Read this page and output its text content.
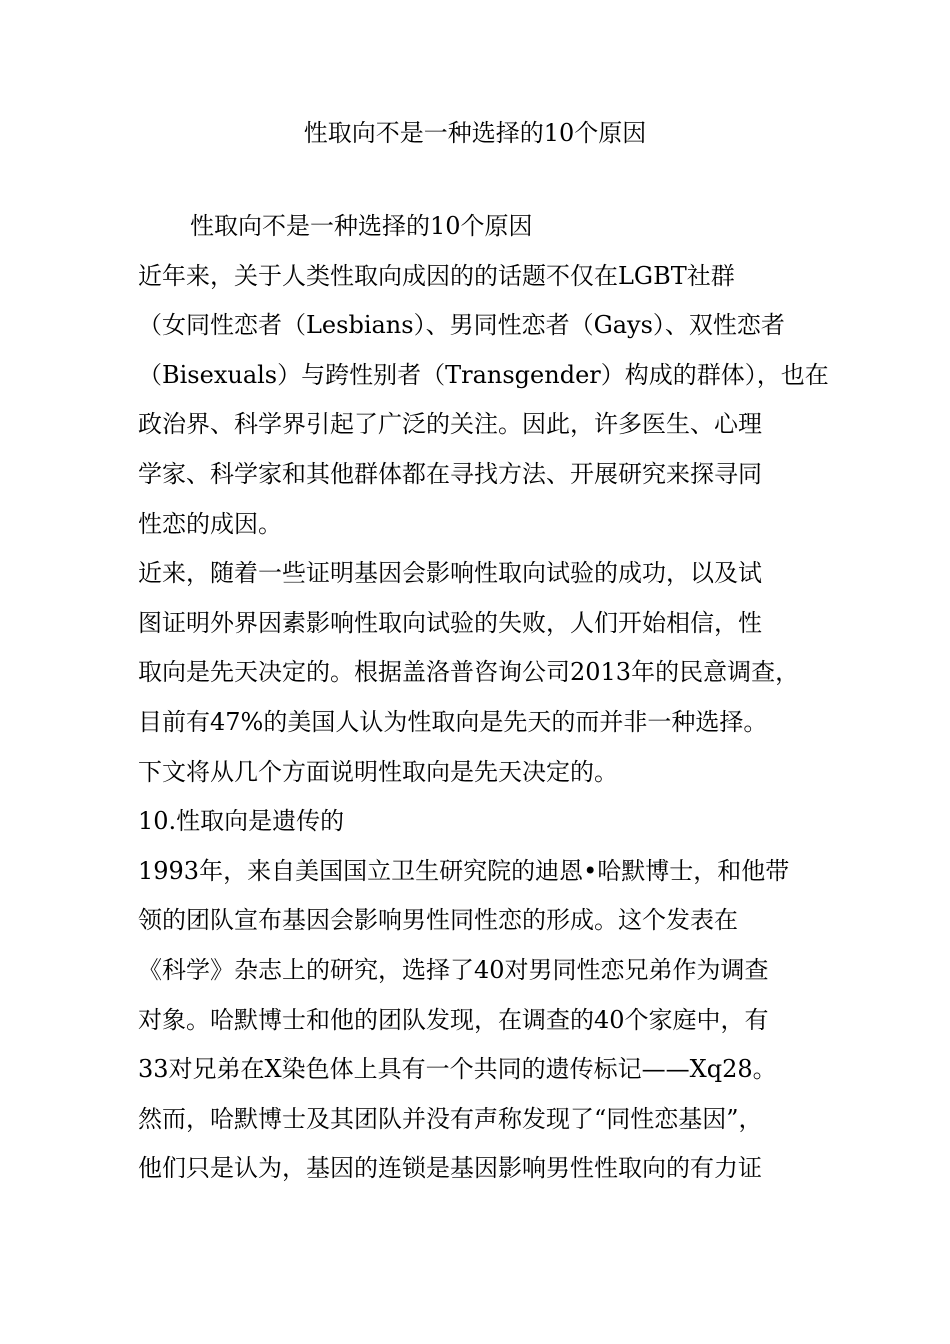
性取向不是一种选择的10个原因
性取向不是一种选择的10个原因
近年来，关于人类性取向成因的的话题不仅在LGBT社群
（女同性恋者（Lesbians）、男同性恋者（Gays）、双性恋者
（Bisexuals）与跨性别者（Transgender）构成的群体），也在
政治界、科学界引起了广泛的关注。因此，许多医生、心理
学家、科学家和其他群体都在寻找方法、开展研究来探寻同
性恋的成因。
近来，随着一些证明基因会影响性取向试验的成功，以及试
图证明外界因素影响性取向试验的失败，人们开始相信，性
取向是先天决定的。根据盖洛普咨询公司2013年的民意调查，
目前有47%的美国人认为性取向是先天的而并非一种选择。
下文将从几个方面说明性取向是先天决定的。
10.性取向是遗传的
1993年，来自美国国立卫生研究院的迪恩•哈默博士，和他带
领的团队宣布基因会影响男性同性恋的形成。这个发表在
《科学》杂志上的研究，选择了40对男同性恋兄弟作为调查
对象。哈默博士和他的团队发现，在调查的40个家庭中，有
33对兄弟在X染色体上具有一个共同的遗传标记——Xq28。
然而，哈默博士及其团队并没有声称发现了“同性恋基因”，
他们只是认为，基因的连锁是基因影响男性性取向的有力证
